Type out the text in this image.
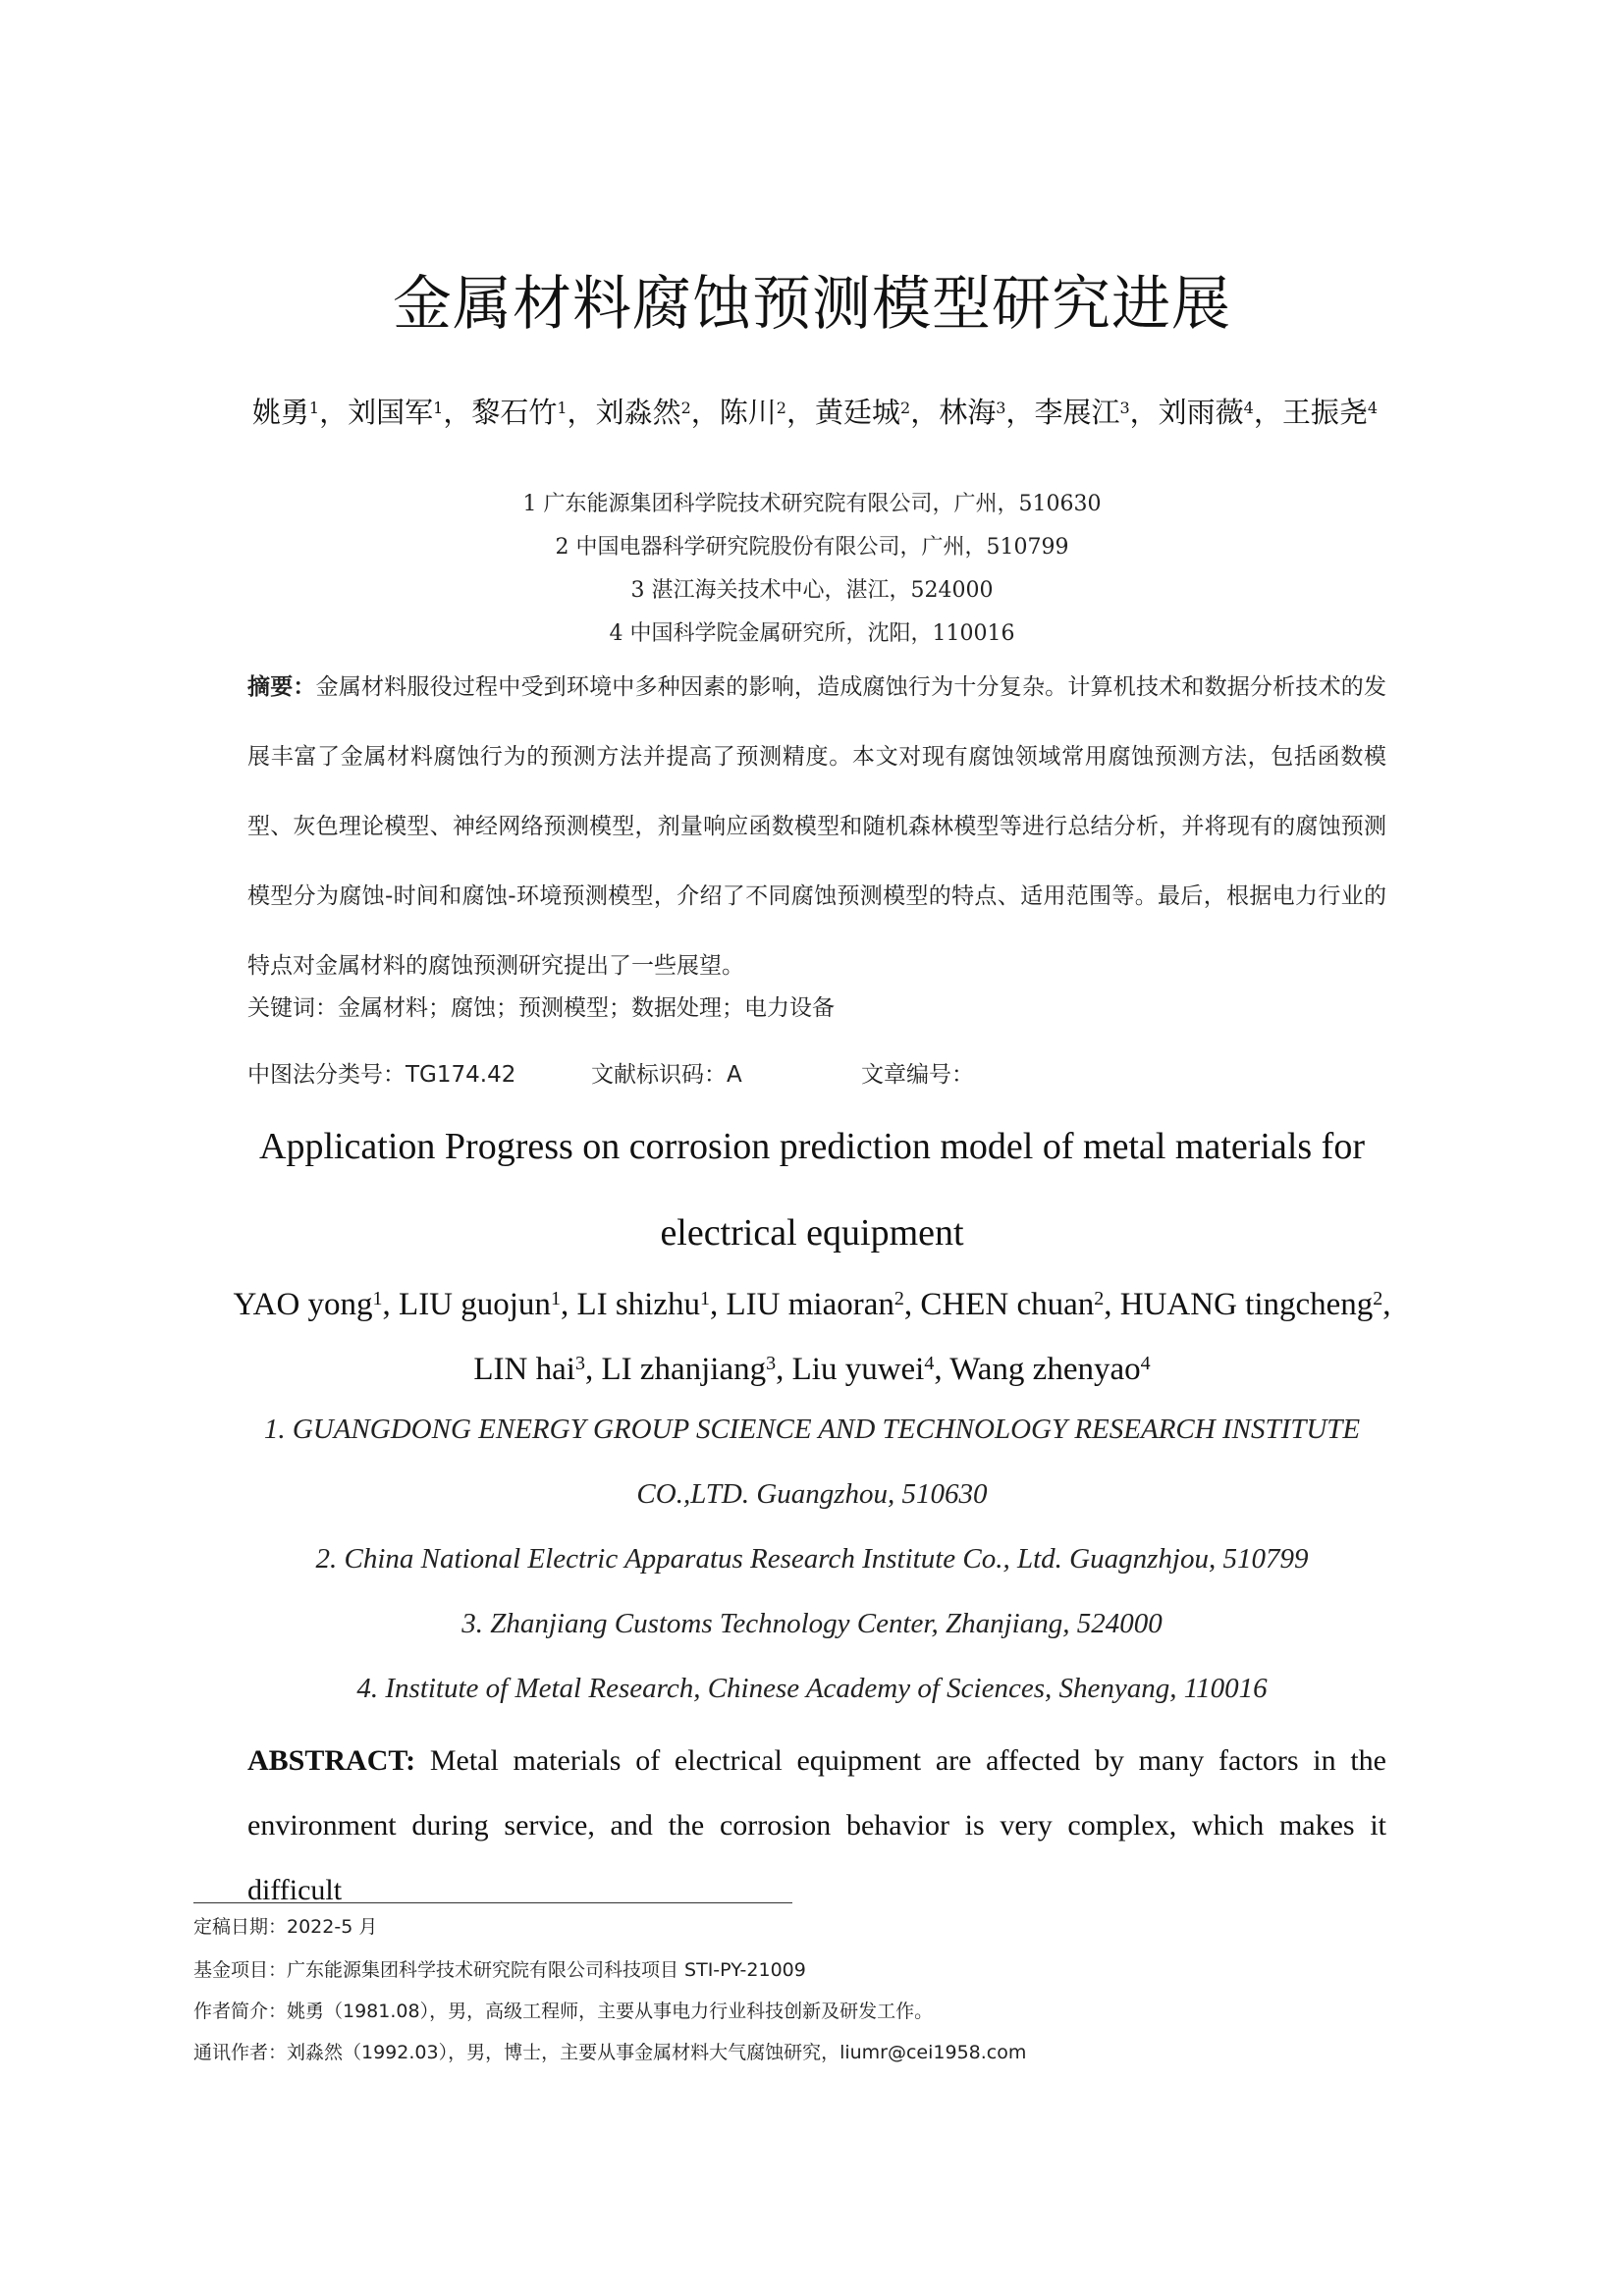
金属材料腐蚀预测模型研究进展
姚勇$^1$，刘国军$^1$，黎石竹$^1$，刘淼然$^2$，陈川$^2$，黄廷城$^2$，林海$^3$，李展江$^3$，刘雨薇$^4$，王振尧$^4$
1 广东能源集团科学院技术研究院有限公司，广州，510630
2 中国电器科学研究院股份有限公司，广州，510799
3 湛江海关技术中心，湛江，524000
4 中国科学院金属研究所，沈阳，110016
摘要：金属材料服役过程中受到环境中多种因素的影响，造成腐蚀行为十分复杂。计算机技术和数据分析技术的发展丰富了金属材料腐蚀行为的预测方法并提高了预测精度。本文对现有腐蚀领域常用腐蚀预测方法，包括函数模型、灰色理论模型、神经网络预测模型，剂量响应函数模型和随机森林模型等进行总结分析，并将现有的腐蚀预测模型分为腐蚀-时间和腐蚀-环境预测模型，介绍了不同腐蚀预测模型的特点、适用范围等。最后，根据电力行业的特点对金属材料的腐蚀预测研究提出了一些展望。
关键词：金属材料；腐蚀；预测模型；数据处理；电力设备
中图法分类号：TG174.42	文献标识码：A	文章编号：
Application Progress on corrosion prediction model of metal materials for electrical equipment
YAO yong$^1$, LIU guojun$^1$, LI shizhu$^1$, LIU miaoran$^2$, CHEN chuan$^2$, HUANG tingcheng$^2$, LIN hai$^3$, LI zhanjiang$^3$, Liu yuwei$^4$, Wang zhenyao$^4$
1. GUANGDONG ENERGY GROUP SCIENCE AND TECHNOLOGY RESEARCH INSTITUTE
CO.,LTD. Guangzhou, 510630
2. China National Electric Apparatus Research Institute Co., Ltd. Guagnzhjou, 510799
3. Zhanjiang Customs Technology Center, Zhanjiang, 524000
4. Institute of Metal Research, Chinese Academy of Sciences, Shenyang, 110016
ABSTRACT: Metal materials of electrical equipment are affected by many factors in the environment during service, and the corrosion behavior is very complex, which makes it difficult
定稿日期：2022-5 月
基金项目：广东能源集团科学技术研究院有限公司科技项目 STI-PY-21009
作者简介：姚勇（1981.08），男，高级工程师，主要从事电力行业科技创新及研发工作。
通讯作者：刘淼然（1992.03），男，博士，主要从事金属材料大气腐蚀研究，liumr@cei1958.com
